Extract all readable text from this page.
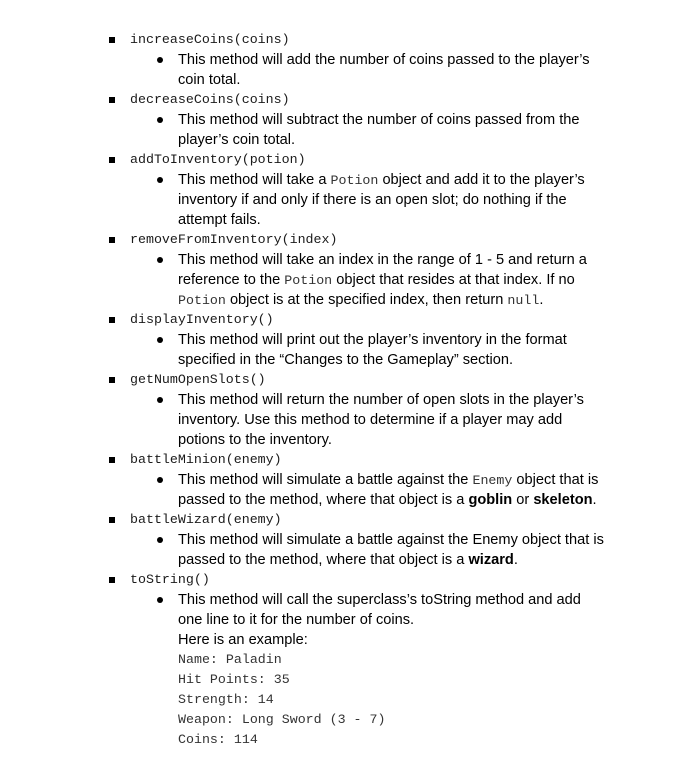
increaseCoins(coins)
This method will add the number of coins passed to the player’s
coin total.
decreaseCoins(coins)
This method will subtract the number of coins passed from the
player’s coin total.
addToInventory(potion)
This method will take a Potion object and add it to the player’s
inventory if and only if there is an open slot; do nothing if the
attempt fails.
removeFromInventory(index)
This method will take an index in the range of 1 - 5 and return a
reference to the Potion object that resides at that index. If no
Potion object is at the specified index, then return null.
displayInventory()
This method will print out the player’s inventory in the format
specified in the “Changes to the Gameplay” section.
getNumOpenSlots()
This method will return the number of open slots in the player’s
inventory. Use this method to determine if a player may add
potions to the inventory.
battleMinion(enemy)
This method will simulate a battle against the Enemy object that is
passed to the method, where that object is a goblin or skeleton.
battleWizard(enemy)
This method will simulate a battle against the Enemy object that is
passed to the method, where that object is a wizard.
toString()
This method will call the superclass’s toString method and add
one line to it for the number of coins.
Here is an example:
Name: Paladin
Hit Points: 35
Strength: 14
Weapon: Long Sword (3 - 7)
Coins: 114
